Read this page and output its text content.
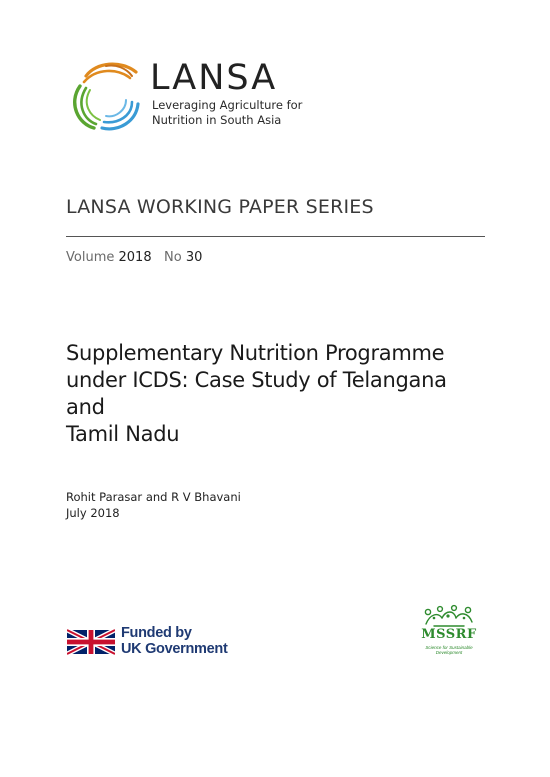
LANSA
Leveraging Agriculture for
Nutrition in South Asia
LANSA WORKING PAPER SERIES
Volume 2018 No 30
Supplementary Nutrition Programme
under ICDS: Case Study of Telangana and
Tamil Nadu
Rohit Parasar and R V Bhavani
July 2018
Funded by
UK Government
MSSRF
Science for Sustainable Development
